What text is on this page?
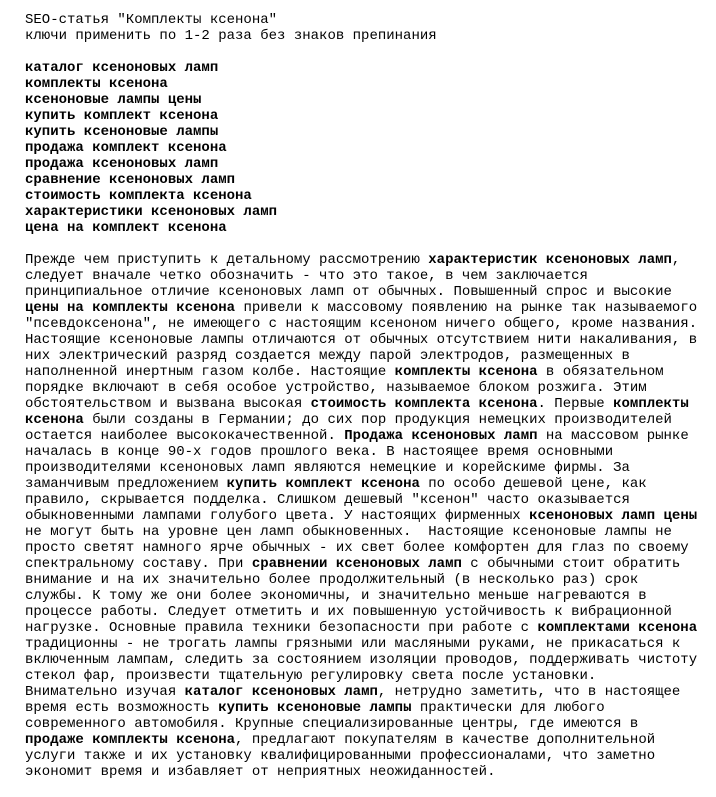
SEO-статья "Комплекты ксенона"
ключи применить по 1-2 раза без знаков препинания
каталог ксеноновых ламп
комплекты ксенона
ксеноновые лампы цены
купить комплект ксенона
купить ксеноновые лампы
продажа комплект ксенона
продажа ксеноновых ламп
сравнение ксеноновых ламп
стоимость комплекта ксенона
характеристики ксеноновых ламп
цена на комплект ксенона
Прежде чем приступить к детальному рассмотрению характеристик ксеноновых ламп,
следует вначале четко обозначить - что это такое, в чем заключается
принципиальное отличие ксеноновых ламп от обычных. Повышенный спрос и высокие
цены на комплекты ксенона привели к массовому появлению на рынке так называемого
"псевдоксенона", не имеющего с настоящим ксеноном ничего общего, кроме названия.
Настоящие ксеноновые лампы отличаются от обычных отсутствием нити накаливания, в
них электрический разряд создается между парой электродов, размещенных в
наполненной инертным газом колбе. Настоящие комплекты ксенона в обязательном
порядке включают в себя особое устройство, называемое блоком розжига. Этим
обстоятельством и вызвана высокая стоимость комплекта ксенона. Первые комплекты
ксенона были созданы в Германии; до сих пор продукция немецких производителей
остается наиболее высококачественной. Продажа ксеноновых ламп на массовом рынке
началась в конце 90-х годов прошлого века. В настоящее время основными
производителями ксеноновых ламп являются немецкие и корейскиме фирмы. За
заманчивым предложением купить комплект ксенона по особо дешевой цене, как
правило, скрывается подделка. Слишком дешевый "ксенон" часто оказывается
обыкновенными лампами голубого цвета. У настоящих фирменных ксеноновых ламп цены
не могут быть на уровне цен ламп обыкновенных.  Настоящие ксеноновые лампы не
просто светят намного ярче обычных - их свет более комфортен для глаз по своему
спектральному составу. При сравнении ксеноновых ламп с обычными стоит обратить
внимание и на их значительно более продолжительный (в несколько раз) срок
службы. К тому же они более экономичны, и значительно меньше нагреваются в
процессе работы. Следует отметить и их повышенную устойчивость к вибрационной
нагрузке. Основные правила техники безопасности при работе с комплектами ксенона
традиционны - не трогать лампы грязными или масляными руками, не прикасаться к
включенным лампам, следить за состоянием изоляции проводов, поддерживать чистоту
стекол фар, произвести тщательную регулировку света после установки.
Внимательно изучая каталог ксеноновых ламп, нетрудно заметить, что в настоящее
время есть возможность купить ксеноновые лампы практически для любого
современного автомобиля. Крупные специализированные центры, где имеются в
продаже комплекты ксенона, предлагают покупателям в качестве дополнительной
услуги также и их установку квалифицированными профессионалами, что заметно
экономит время и избавляет от неприятных неожиданностей.
